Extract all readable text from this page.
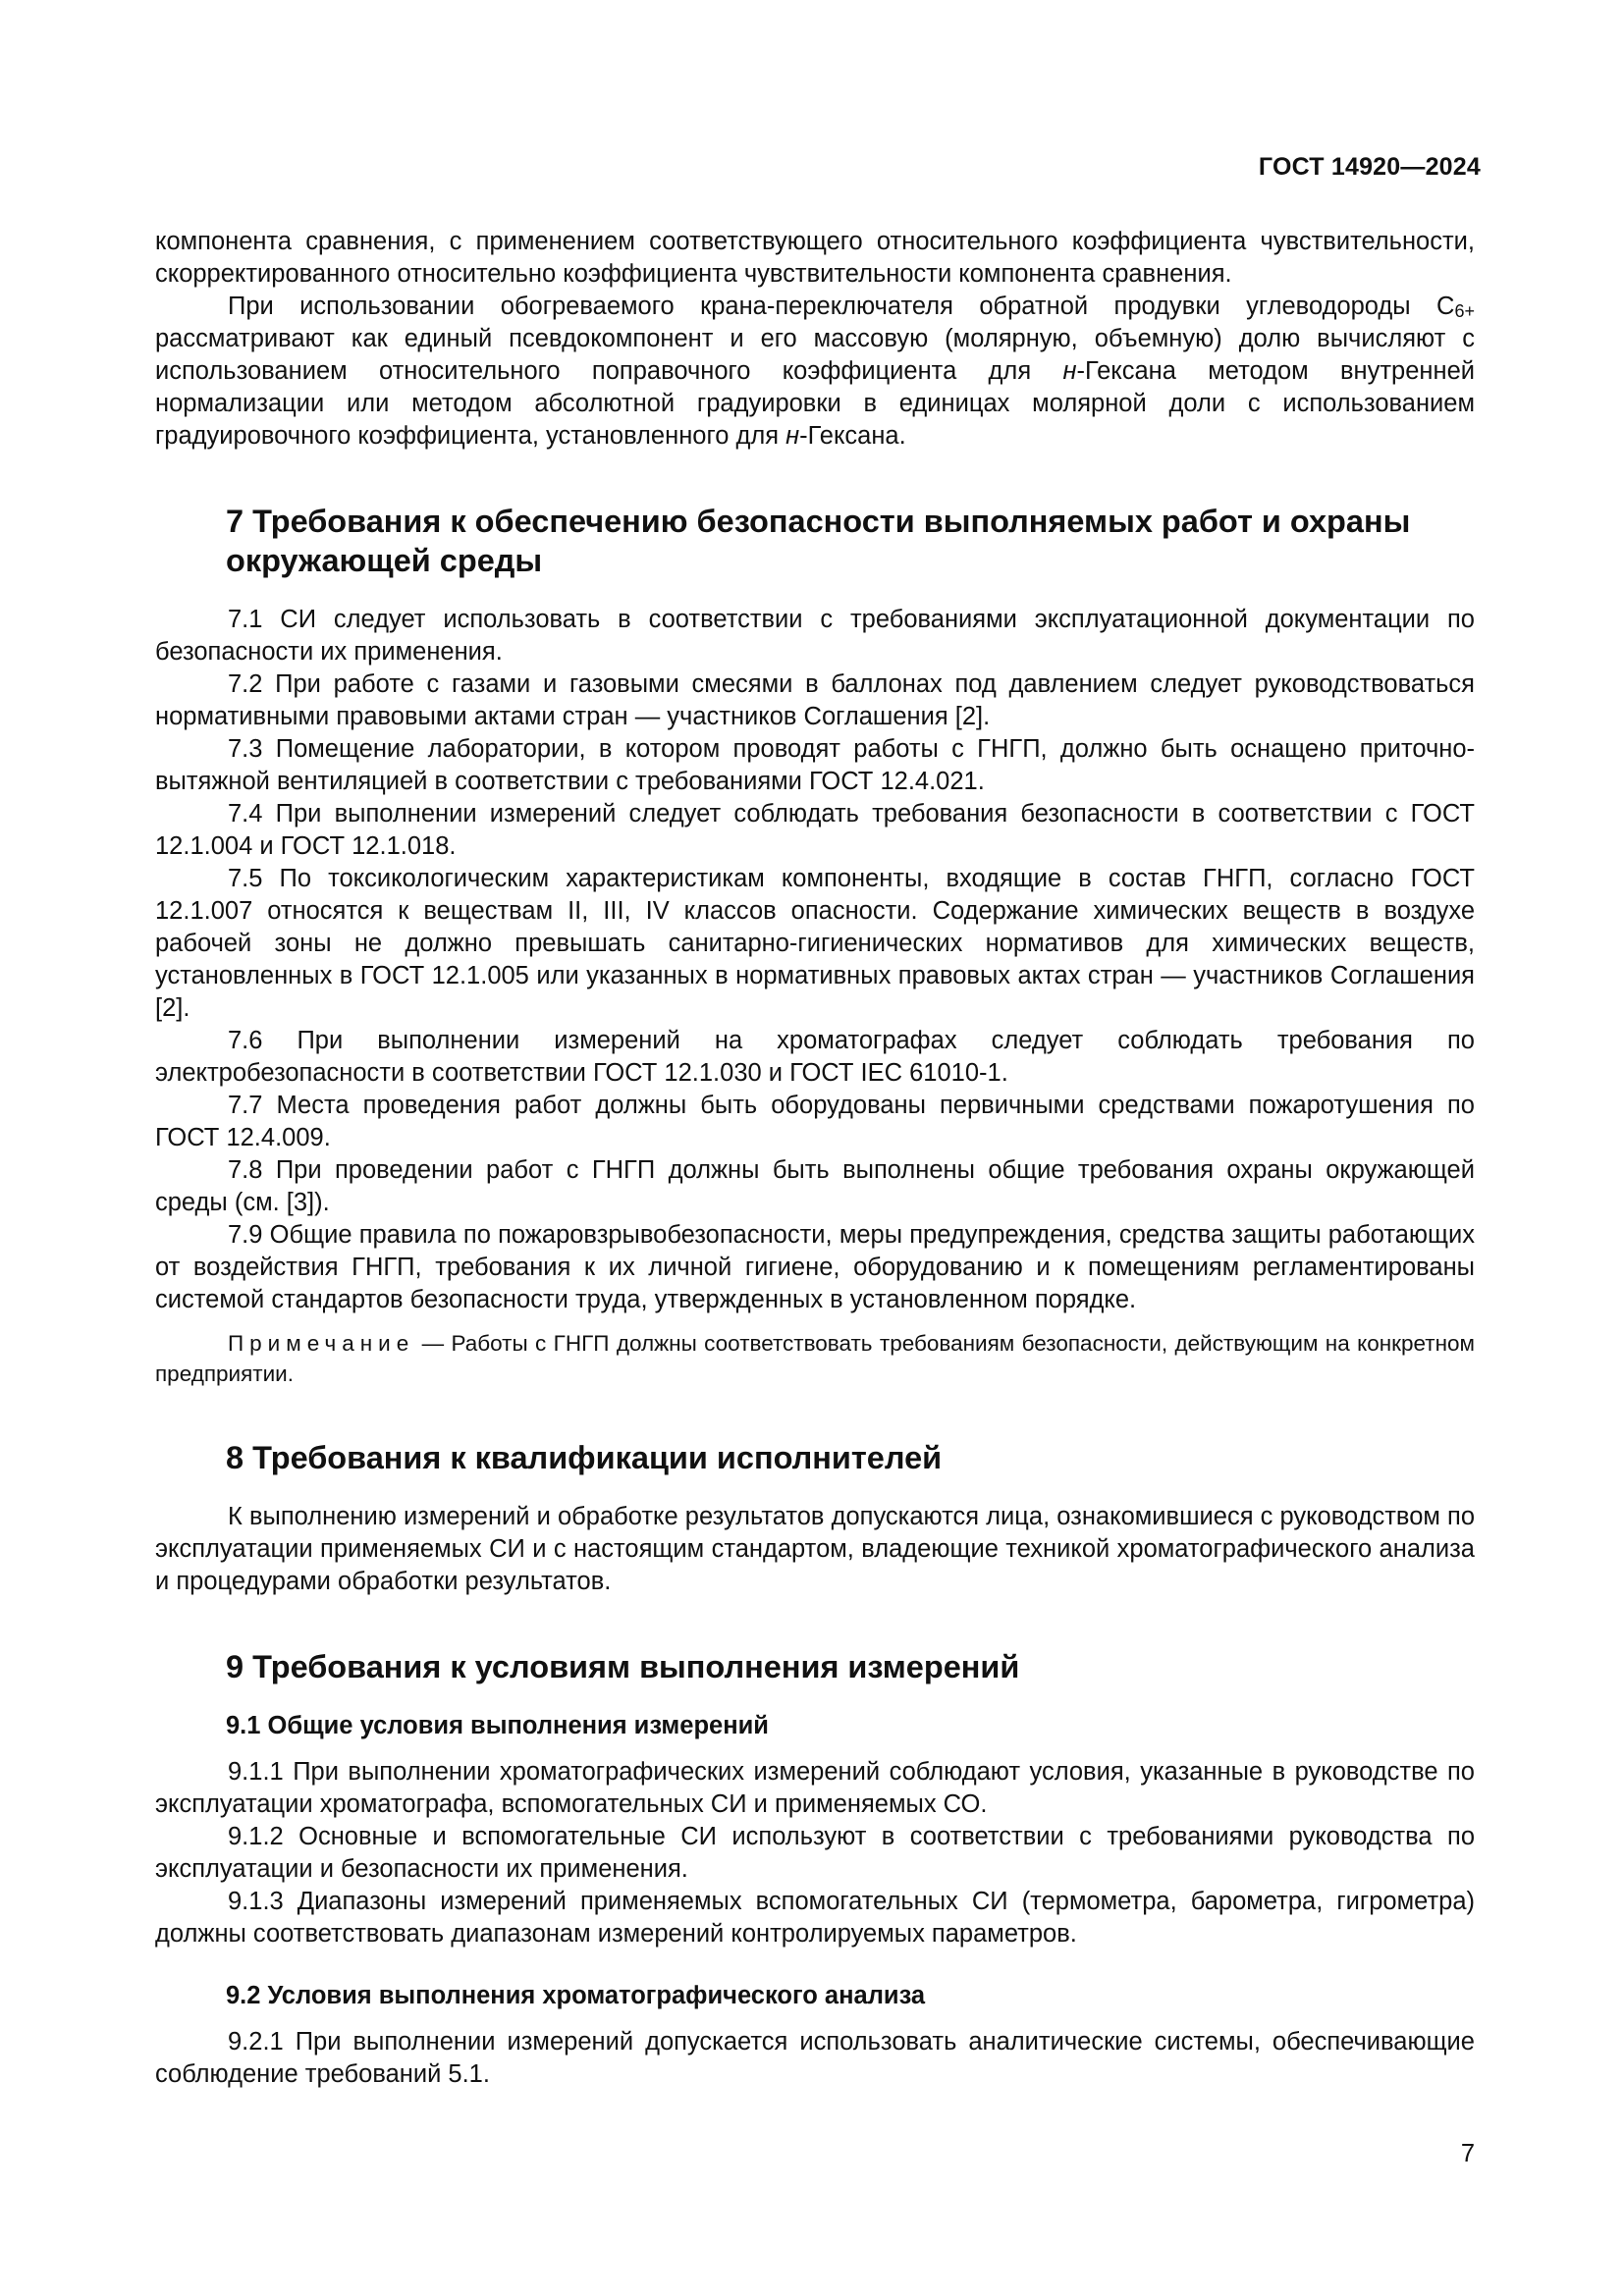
ГОСТ 14920—2024

компонента сравнения, с применением соответствующего относительного коэффициента чувствительности, скорректированного относительно коэффициента чувствительности компонента сравнения.

При использовании обогреваемого крана-переключателя обратной продувки углеводороды $С_{6+}$ рассматривают как единый псевдокомпонент и его массовую (молярную, объемную) долю вычисляют с использованием относительного поправочного коэффициента для н-Гексана методом внутренней нормализации или методом абсолютной градуировки в единицах молярной доли с использованием градуировочного коэффициента, установленного для н-Гексана.

7 Требования к обеспечению безопасности выполняемых работ и охраны окружающей среды

7.1 СИ следует использовать в соответствии с требованиями эксплуатационной документации по безопасности их применения.

7.2 При работе с газами и газовыми смесями в баллонах под давлением следует руководствоваться нормативными правовыми актами стран — участников Соглашения [2].

7.3 Помещение лаборатории, в котором проводят работы с ГНГП, должно быть оснащено приточно-вытяжной вентиляцией в соответствии с требованиями ГОСТ 12.4.021.

7.4 При выполнении измерений следует соблюдать требования безопасности в соответствии с ГОСТ 12.1.004 и ГОСТ 12.1.018.

7.5 По токсикологическим характеристикам компоненты, входящие в состав ГНГП, согласно ГОСТ 12.1.007 относятся к веществам II, III, IV классов опасности. Содержание химических веществ в воздухе рабочей зоны не должно превышать санитарно-гигиенических нормативов для химических веществ, установленных в ГОСТ 12.1.005 или указанных в нормативных правовых актах стран — участников Соглашения [2].

7.6 При выполнении измерений на хроматографах следует соблюдать требования по электробезопасности в соответствии ГОСТ 12.1.030 и ГОСТ IEC 61010-1.

7.7 Места проведения работ должны быть оборудованы первичными средствами пожаротушения по ГОСТ 12.4.009.

7.8 При проведении работ с ГНГП должны быть выполнены общие требования охраны окружающей среды (см. [3]).

7.9 Общие правила по пожаровзрывобезопасности, меры предупреждения, средства защиты работающих от воздействия ГНГП, требования к их личной гигиене, оборудованию и к помещениям регламентированы системой стандартов безопасности труда, утвержденных в установленном порядке.

Примечание — Работы с ГНГП должны соответствовать требованиям безопасности, действующим на конкретном предприятии.

8 Требования к квалификации исполнителей

К выполнению измерений и обработке результатов допускаются лица, ознакомившиеся с руководством по эксплуатации применяемых СИ и с настоящим стандартом, владеющие техникой хроматографического анализа и процедурами обработки результатов.

9 Требования к условиям выполнения измерений
9.1 Общие условия выполнения измерений

9.1.1 При выполнении хроматографических измерений соблюдают условия, указанные в руководстве по эксплуатации хроматографа, вспомогательных СИ и применяемых СО.

9.1.2 Основные и вспомогательные СИ используют в соответствии с требованиями руководства по эксплуатации и безопасности их применения.

9.1.3 Диапазоны измерений применяемых вспомогательных СИ (термометра, барометра, гигрометра) должны соответствовать диапазонам измерений контролируемых параметров.

9.2 Условия выполнения хроматографического анализа

9.2.1 При выполнении измерений допускается использовать аналитические системы, обеспечивающие соблюдение требований 5.1.

7
